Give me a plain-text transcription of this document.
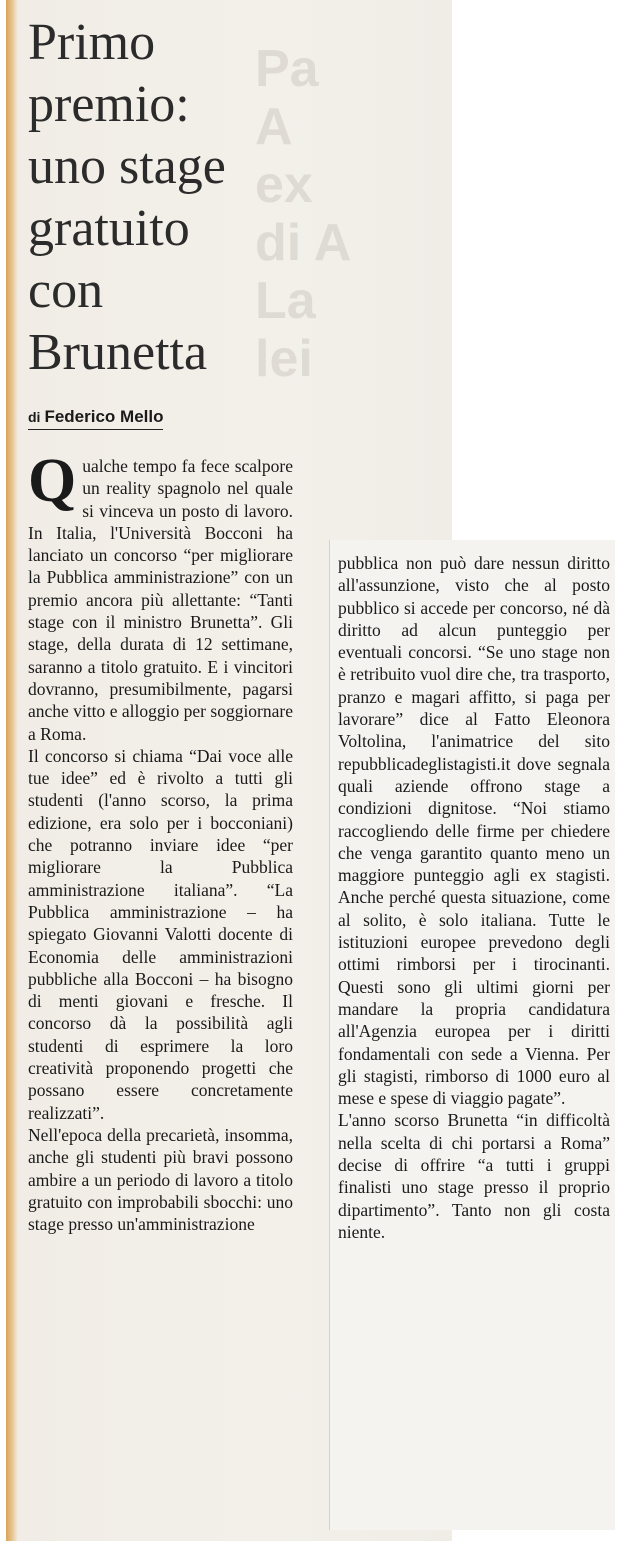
Pa
A
ex
di A
La
lei
Primo
premio:
uno stage
gratuito
con
Brunetta
di Federico Mello

Qualche tempo fa fece scalpore un reality spagnolo nel quale si vinceva un posto di lavoro. In Italia, l'Università Bocconi ha lanciato un concorso “per migliorare la Pubblica amministrazione” con un premio ancora più allettante: “Tanti stage con il ministro Brunetta”. Gli stage, della durata di 12 settimane, saranno a titolo gratuito. E i vincitori dovranno, presumibilmente, pagarsi anche vitto e alloggio per soggiornare a Roma.

Il concorso si chiama “Dai voce alle tue idee” ed è rivolto a tutti gli studenti (l'anno scorso, la prima edizione, era solo per i bocconiani) che potranno inviare idee “per migliorare la Pubblica amministrazione italiana”. “La Pubblica amministrazione – ha spiegato Giovanni Valotti docente di Economia delle amministrazioni pubbliche alla Bocconi – ha bisogno di menti giovani e fresche. Il concorso dà la possibilità agli studenti di esprimere la loro creatività proponendo progetti che possano essere concretamente realizzati”.

Nell'epoca della precarietà, insomma, anche gli studenti più bravi possono ambire a un periodo di lavoro a titolo gratuito con improbabili sbocchi: uno stage presso un'amministrazione

pubblica non può dare nessun diritto all'assunzione, visto che al posto pubblico si accede per concorso, né dà diritto ad alcun punteggio per eventuali concorsi. “Se uno stage non è retribuito vuol dire che, tra trasporto, pranzo e magari affitto, si paga per lavorare” dice al Fatto Eleonora Voltolina, l'animatrice del sito repubblicadeglistagisti.it dove segnala quali aziende offrono stage a condizioni dignitose. “Noi stiamo raccogliendo delle firme per chiedere che venga garantito quanto meno un maggiore punteggio agli ex stagisti. Anche perché questa situazione, come al solito, è solo italiana. Tutte le istituzioni europee prevedono degli ottimi rimborsi per i tirocinanti. Questi sono gli ultimi giorni per mandare la propria candidatura all'Agenzia europea per i diritti fondamentali con sede a Vienna. Per gli stagisti, rimborso di 1000 euro al mese e spese di viaggio pagate”.

L'anno scorso Brunetta “in difficoltà nella scelta di chi portarsi a Roma” decise di offrire “a tutti i gruppi finalisti uno stage presso il proprio dipartimento”. Tanto non gli costa niente.
